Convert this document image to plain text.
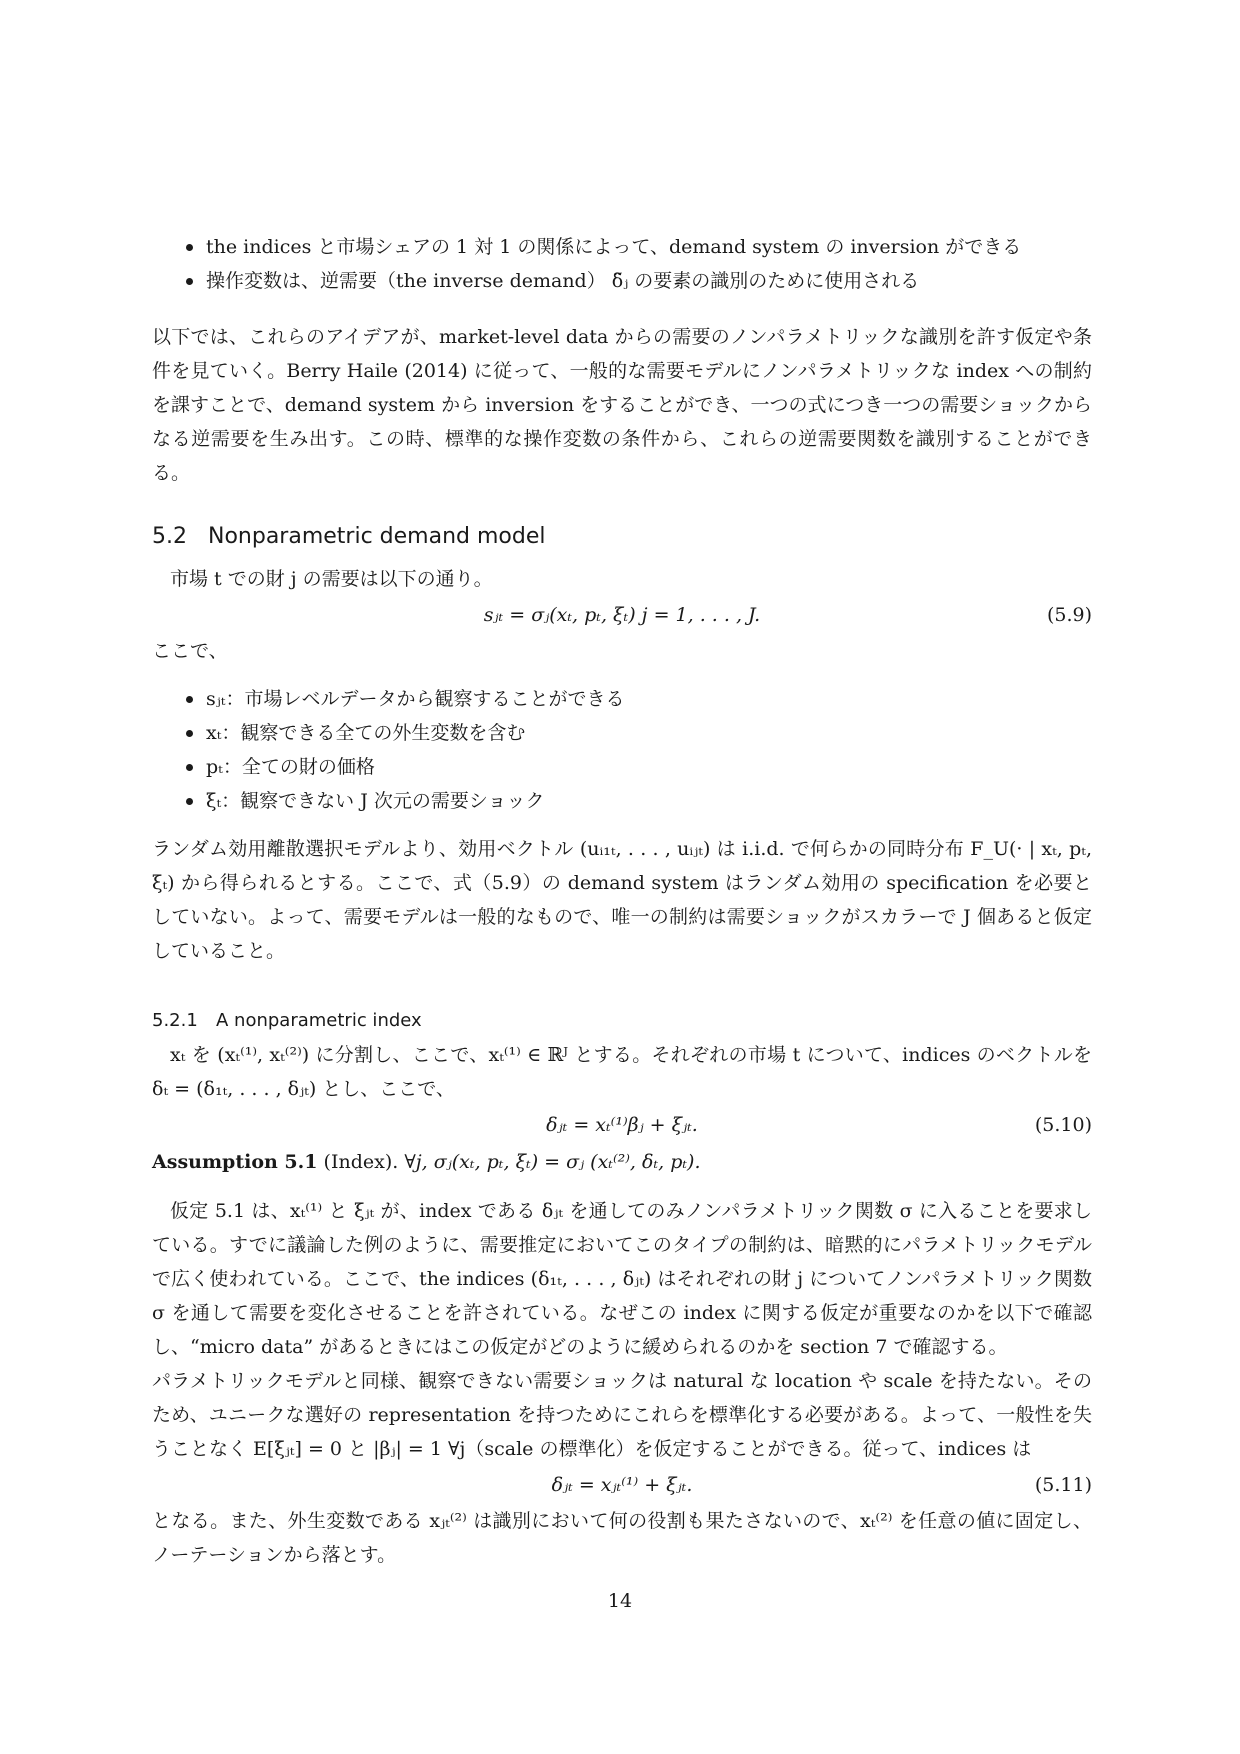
the indices と市場シェアの 1 対 1 の関係によって、demand system の inversion ができる
操作変数は、逆需要（the inverse demand） δ̃ⱼ の要素の識別のために使用される

以下では、これらのアイデアが、market-level data からの需要のノンパラメトリックな識別を許す仮定や条件を見ていく。Berry Haile (2014) に従って、一般的な需要モデルにノンパラメトリックな index への制約を課すことで、demand system から inversion をすることができ、一つの式につき一つの需要ショックからなる逆需要を生み出す。この時、標準的な操作変数の条件から、これらの逆需要関数を識別することができる。

5.2 Nonparametric demand model

市場 t での財 j の需要は以下の通り。

sⱼₜ = σⱼ(xₜ, pₜ, ξₜ) j = 1, . . . , J.	(5.9)

ここで、

sⱼₜ：市場レベルデータから観察することができる
xₜ：観察できる全ての外生変数を含む
pₜ：全ての財の価格
ξₜ：観察できない J 次元の需要ショック

ランダム効用離散選択モデルより、効用ベクトル (uᵢ₁ₜ, . . . , uᵢⱼₜ) は i.i.d. で何らかの同時分布 F_U(· | xₜ, pₜ, ξₜ) から得られるとする。ここで、式（5.9）の demand system はランダム効用の specification を必要としていない。よって、需要モデルは一般的なもので、唯一の制約は需要ショックがスカラーで J 個あると仮定していること。

5.2.1 A nonparametric index

xₜ を (xₜ⁽¹⁾, xₜ⁽²⁾) に分割し、ここで、xₜ⁽¹⁾ ∈ ℝᴶ とする。それぞれの市場 t について、indices のベクトルを δₜ = (δ₁ₜ, . . . , δⱼₜ) とし、ここで、

δⱼₜ = xₜ⁽¹⁾βⱼ + ξⱼₜ.	(5.10)

Assumption 5.1 (Index). ∀j, σⱼ(xₜ, pₜ, ξₜ) = σⱼ (xₜ⁽²⁾, δₜ, pₜ).

仮定 5.1 は、xₜ⁽¹⁾ と ξⱼₜ が、index である δⱼₜ を通してのみノンパラメトリック関数 σ に入ることを要求している。すでに議論した例のように、需要推定においてこのタイプの制約は、暗黙的にパラメトリックモデルで広く使われている。ここで、the indices (δ₁ₜ, . . . , δⱼₜ) はそれぞれの財 j についてノンパラメトリック関数 σ を通して需要を変化させることを許されている。なぜこの index に関する仮定が重要なのかを以下で確認し、“micro data” があるときにはこの仮定がどのように緩められるのかを section 7 で確認する。

パラメトリックモデルと同様、観察できない需要ショックは natural な location や scale を持たない。そのため、ユニークな選好の representation を持つためにこれらを標準化する必要がある。よって、一般性を失うことなく E[ξⱼₜ] = 0 と |βⱼ| = 1 ∀j（scale の標準化）を仮定することができる。従って、indices は

δⱼₜ = xⱼₜ⁽¹⁾ + ξⱼₜ.	(5.11)

となる。また、外生変数である xⱼₜ⁽²⁾ は識別において何の役割も果たさないので、xₜ⁽²⁾ を任意の値に固定し、ノーテーションから落とす。

14
